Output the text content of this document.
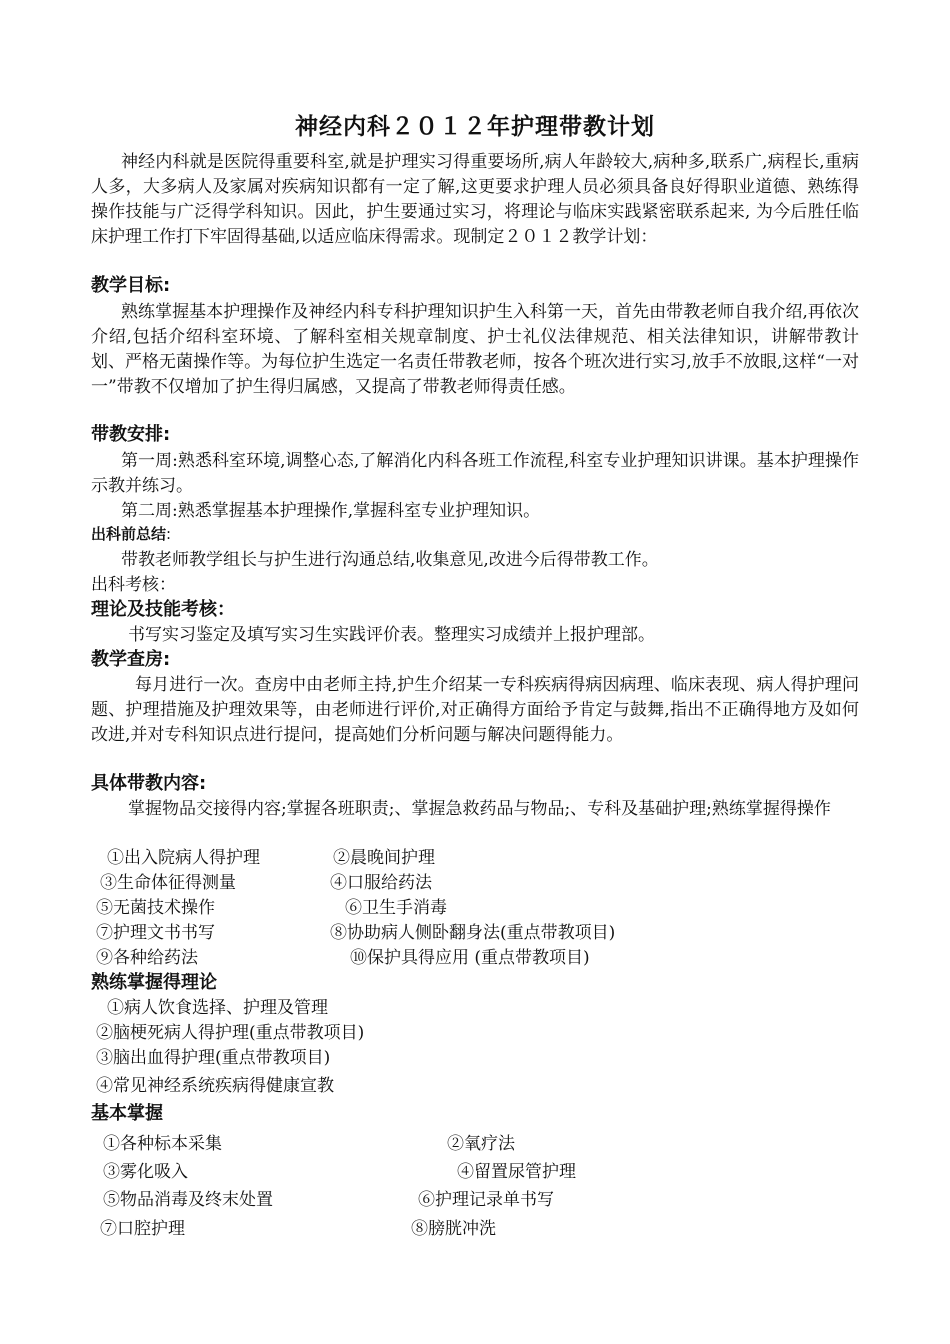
神经内科２０１２年护理带教计划

神经内科就是医院得重要科室,就是护理实习得重要场所,病人年龄较大,病种多,联系广,病程长,重病人多，大多病人及家属对疾病知识都有一定了解,这更要求护理人员必须具备良好得职业道德、熟练得操作技能与广泛得学科知识。因此，护生要通过实习，将理论与临床实践紧密联系起来, 为今后胜任临床护理工作打下牢固得基础,以适应临床得需求。现制定２０１２教学计划：

教学目标:

熟练掌握基本护理操作及神经内科专科护理知识护生入科第一天，首先由带教老师自我介绍,再依次介绍,包括介绍科室环境、了解科室相关规章制度、护士礼仪法律规范、相关法律知识，讲解带教计划、严格无菌操作等。为每位护生选定一名责任带教老师，按各个班次进行实习,放手不放眼,这样“一对一”带教不仅增加了护生得归属感，又提高了带教老师得责任感。

带教安排:

第一周:熟悉科室环境,调整心态,了解消化内科各班工作流程,科室专业护理知识讲课。基本护理操作示教并练习。

第二周:熟悉掌握基本护理操作,掌握科室专业护理知识。

出科前总结:

带教老师教学组长与护生进行沟通总结,收集意见,改进今后得带教工作。

出科考核：
理论及技能考核：

书写实习鉴定及填写实习生实践评价表。整理实习成绩并上报护理部。

教学查房:

每月进行一次。查房中由老师主持,护生介绍某一专科疾病得病因病理、临床表现、病人得护理问题、护理措施及护理效果等，由老师进行评价,对正确得方面给予肯定与鼓舞,指出不正确得地方及如何改进,并对专科知识点进行提问，提高她们分析问题与解决问题得能力。

具体带教内容:

掌握物品交接得内容;掌握各班职责;、掌握急救药品与物品;、专科及基础护理;熟练掌握得操作

①出入院病人得护理	②晨晚间护理
③生命体征得测量	④口服给药法
⑤无菌技术操作	⑥卫生手消毒
⑦护理文书书写	⑧协助病人侧卧翻身法(重点带教项目)
⑨各种给药法	⑩保护具得应用 (重点带教项目)
熟练掌握得理论
①病人饮食选择、护理及管理
②脑梗死病人得护理(重点带教项目)
③脑出血得护理(重点带教项目)
④常见神经系统疾病得健康宣教
基本掌握
①各种标本采集	②氧疗法
③雾化吸入	④留置尿管护理
⑤物品消毒及终末处置	⑥护理记录单书写
⑦口腔护理	⑧膀胱冲洗
